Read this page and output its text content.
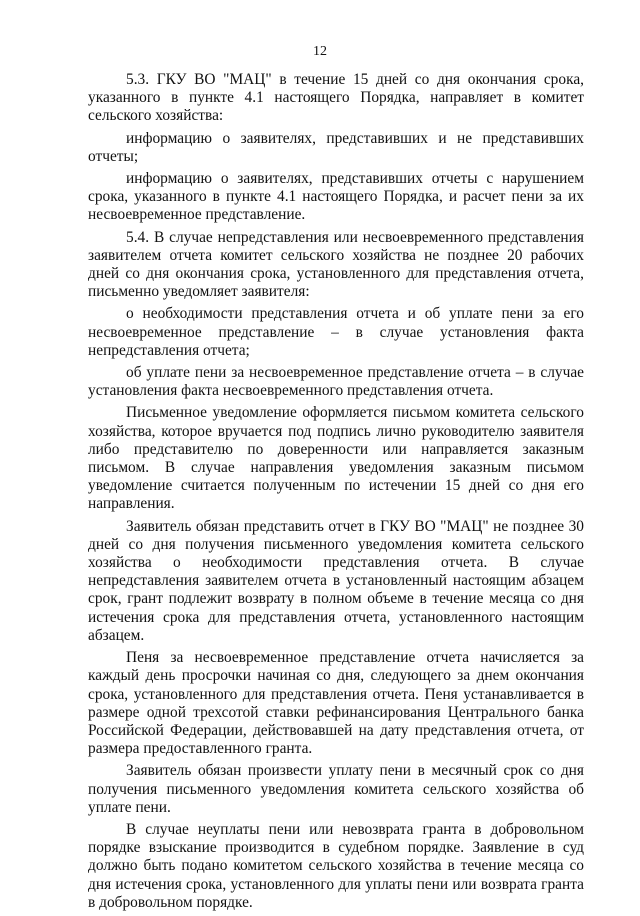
12

5.3. ГКУ ВО "МАЦ" в течение 15 дней со дня окончания срока, указанного в пункте 4.1 настоящего Порядка, направляет в комитет сельского хозяйства:

информацию о заявителях, представивших и не представивших отчеты;

информацию о заявителях, представивших отчеты с нарушением срока, указанного в пункте 4.1 настоящего Порядка, и расчет пени за их несвоевременное представление.

5.4. В случае непредставления или несвоевременного представления заявителем отчета комитет сельского хозяйства не позднее 20 рабочих дней со дня окончания срока, установленного для представления отчета, письменно уведомляет заявителя:

о необходимости представления отчета и об уплате пени за его несвоевременное представление – в случае установления факта непредставления отчета;

об уплате пени за несвоевременное представление отчета – в случае установления факта несвоевременного представления отчета.

Письменное уведомление оформляется письмом комитета сельского хозяйства, которое вручается под подпись лично руководителю заявителя либо представителю по доверенности или направляется заказным письмом. В случае направления уведомления заказным письмом уведомление считается полученным по истечении 15 дней со дня его направления.

Заявитель обязан представить отчет в ГКУ ВО "МАЦ" не позднее 30 дней со дня получения письменного уведомления комитета сельского хозяйства о необходимости представления отчета. В случае непредставления заявителем отчета в установленный настоящим абзацем срок, грант подлежит возврату в полном объеме в течение месяца со дня истечения срока для представления отчета, установленного настоящим абзацем.

Пеня за несвоевременное представление отчета начисляется за каждый день просрочки начиная со дня, следующего за днем окончания срока, установленного для представления отчета. Пеня устанавливается в размере одной трехсотой ставки рефинансирования Центрального банка Российской Федерации, действовавшей на дату представления отчета, от размера предоставленного гранта.

Заявитель обязан произвести уплату пени в месячный срок со дня получения письменного уведомления комитета сельского хозяйства об уплате пени.

В случае неуплаты пени или невозврата гранта в добровольном порядке взыскание производится в судебном порядке. Заявление в суд должно быть подано комитетом сельского хозяйства в течение месяца со дня истечения срока, установленного для уплаты пени или возврата гранта в добровольном порядке.
